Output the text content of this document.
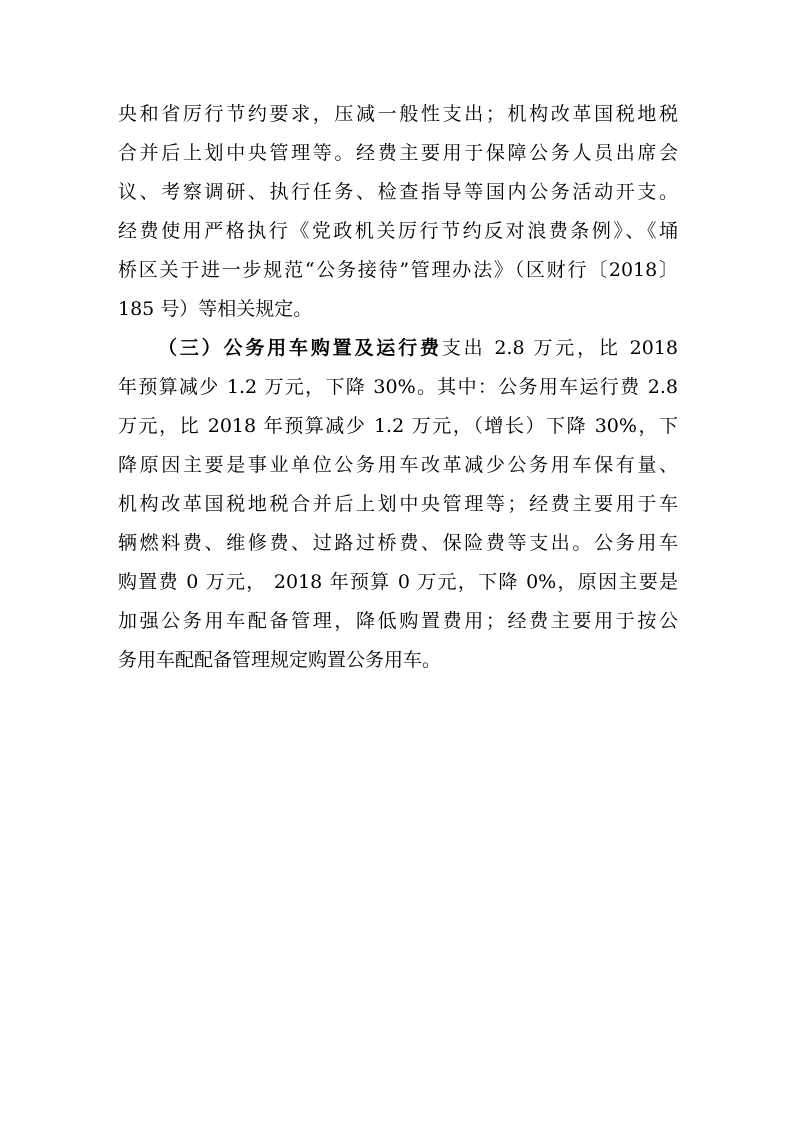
央和省厉行节约要求，压减一般性支出；机构改革国税地税
合并后上划中央管理等。经费主要用于保障公务人员出席会
议、考察调研、执行任务、检查指导等国内公务活动开支。
经费使用严格执行《党政机关厉行节约反对浪费条例》、《埇
桥区关于进一步规范“公务接待”管理办法》（区财行〔2018〕
185 号）等相关规定。
（三）公务用车购置及运行费支出 2.8 万元，比 2018
年预算减少 1.2 万元，下降 30%。其中：公务用车运行费 2.8
万元，比 2018 年预算减少 1.2 万元，（增长）下降 30%，下
降原因主要是事业单位公务用车改革减少公务用车保有量、
机构改革国税地税合并后上划中央管理等；经费主要用于车
辆燃料费、维修费、过路过桥费、保险费等支出。公务用车
购置费 0 万元， 2018 年预算 0 万元，下降 0%，原因主要是
加强公务用车配备管理，降低购置费用；经费主要用于按公
务用车配配备管理规定购置公务用车。
